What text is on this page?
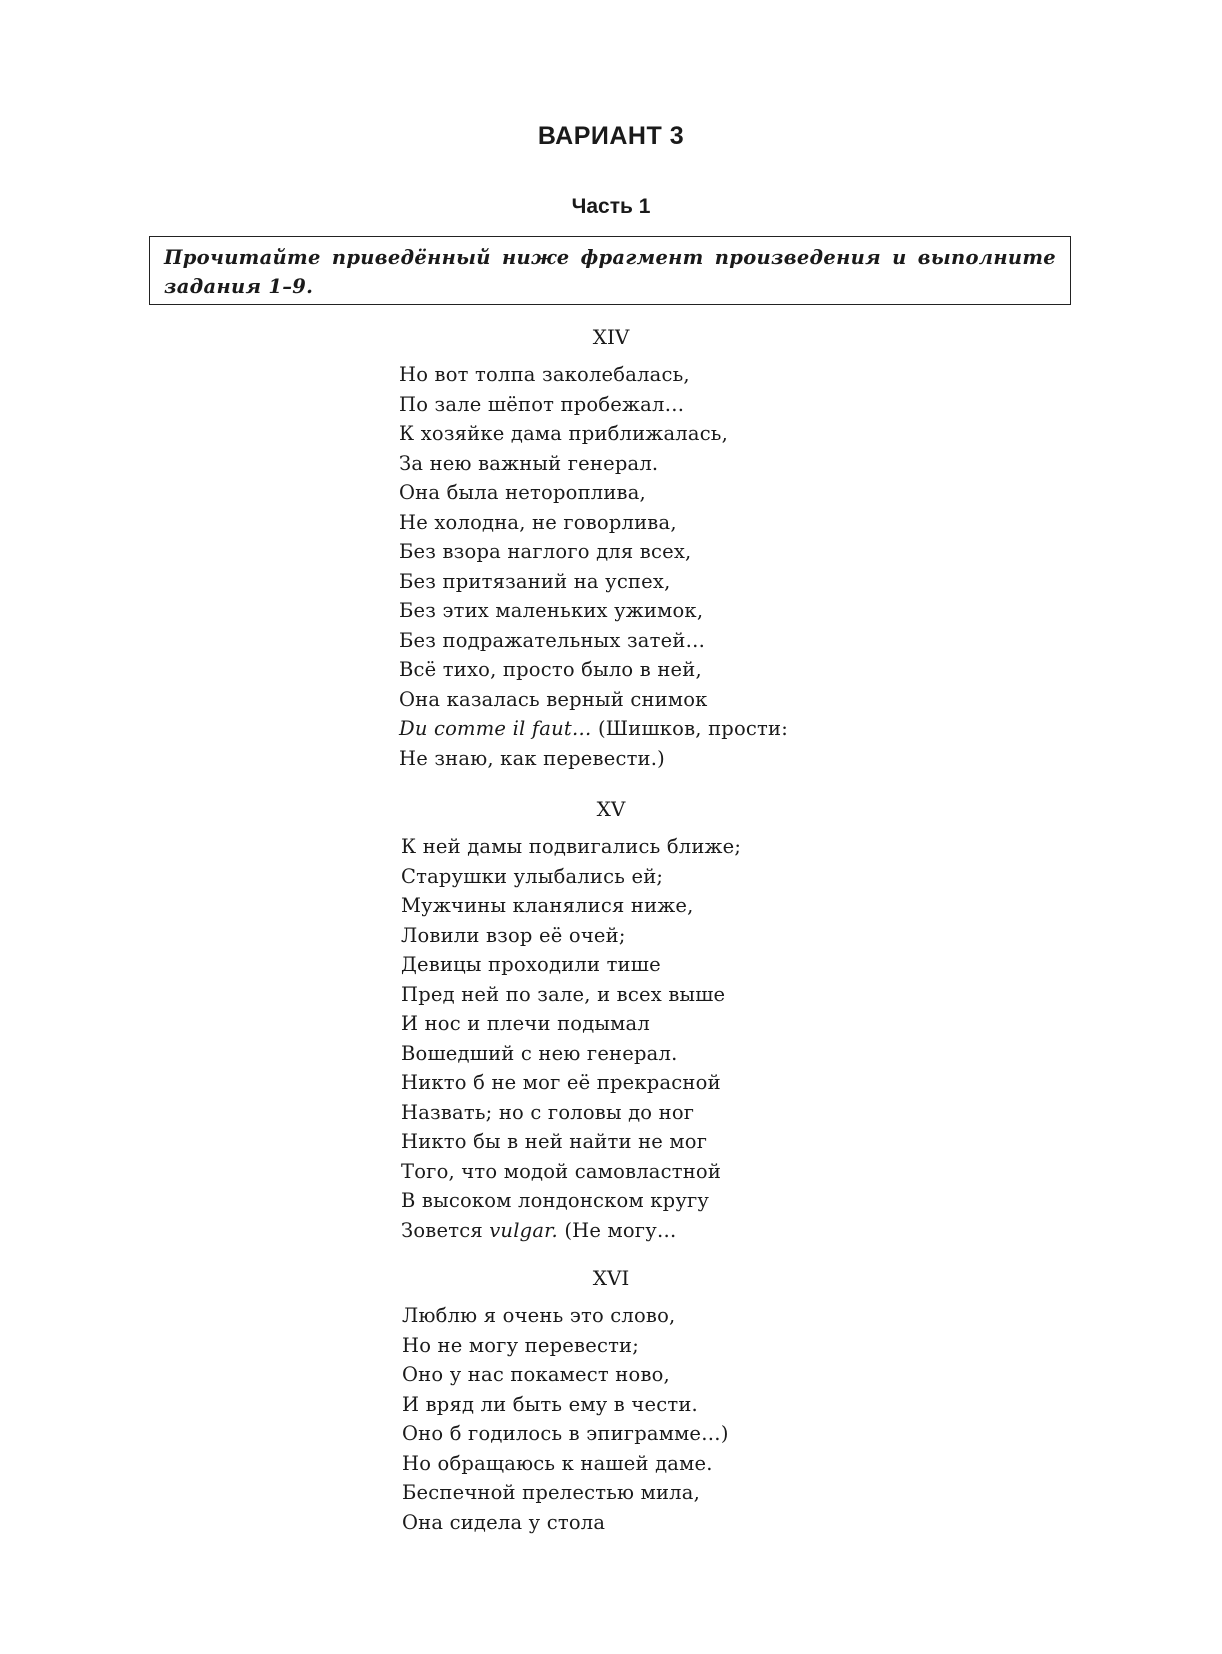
ВАРИАНТ 3
Часть 1
Прочитайте приведённый ниже фрагмент произведения и выполните задания 1–9.
XIV
Но вот толпа заколебалась,
По зале шёпот пробежал…
К хозяйке дама приближалась,
За нею важный генерал.
Она была нетороплива,
Не холодна, не говорлива,
Без взора наглого для всех,
Без притязаний на успех,
Без этих маленьких ужимок,
Без подражательных затей…
Всё тихо, просто было в ней,
Она казалась верный снимок
Du comme il faut… (Шишков, прости:
Не знаю, как перевести.)
XV
К ней дамы подвигались ближе;
Старушки улыбались ей;
Мужчины кланялися ниже,
Ловили взор её очей;
Девицы проходили тише
Пред ней по зале, и всех выше
И нос и плечи подымал
Вошедший с нею генерал.
Никто б не мог её прекрасной
Назвать; но с головы до ног
Никто бы в ней найти не мог
Того, что модой самовластной
В высоком лондонском кругу
Зовется vulgar. (Не могу…
XVI
Люблю я очень это слово,
Но не могу перевести;
Оно у нас покамест ново,
И вряд ли быть ему в чести.
Оно б годилось в эпиграмме…)
Но обращаюсь к нашей даме.
Беспечной прелестью мила,
Она сидела у стола
